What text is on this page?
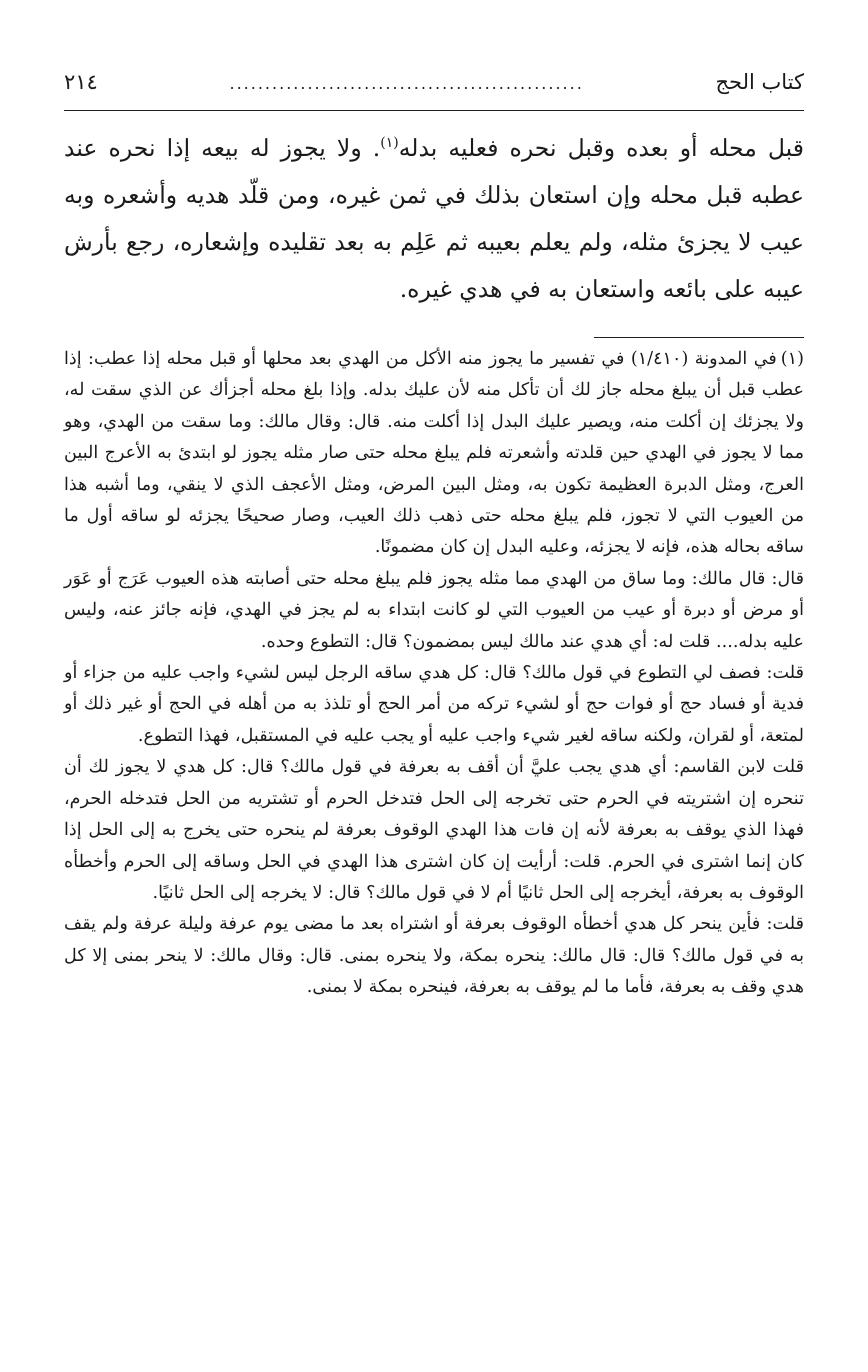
كتاب الحج
..................................................
٢١٤
قبل محله أو بعده وقبل نحره فعليه بدله$^{(١)}$. ولا يجوز له بيعه إذا نحره عند عطبه قبل محله وإن استعان بذلك في ثمن غيره، ومن قلّد هديه وأشعره وبه عيب لا يجزئ مثله، ولم يعلم بعيبه ثم عَلِم به بعد تقليده وإشعاره، رجع بأرش عيبه على بائعه واستعان به في هدي غيره.

(١)في المدونة (١/٤١٠) في تفسير ما يجوز منه الأكل من الهدي بعد محلها أو قبل محله إذا عطب: إذا عطب قبل أن يبلغ محله جاز لك أن تأكل منه لأن عليك بدله. وإذا بلغ محله أجزأك عن الذي سقت له، ولا يجزئك إن أكلت منه، ويصير عليك البدل إذا أكلت منه. قال: وقال مالك: وما سقت من الهدي، وهو مما لا يجوز في الهدي حين قلدته وأشعرته فلم يبلغ محله حتى صار مثله يجوز لو ابتدئ به الأعرج البين العرج، ومثل الدبرة العظيمة تكون به، ومثل البين المرض، ومثل الأعجف الذي لا ينقي، وما أشبه هذا من العيوب التي لا تجوز، فلم يبلغ محله حتى ذهب ذلك العيب، وصار صحيحًا يجزئه لو ساقه أول ما ساقه بحاله هذه، فإنه لا يجزئه، وعليه البدل إن كان مضمونًا.

قال: قال مالك: وما ساق من الهدي مما مثله يجوز فلم يبلغ محله حتى أصابته هذه العيوب عَرَج أو عَوَر أو مرض أو دبرة أو عيب من العيوب التي لو كانت ابتداء به لم يجز في الهدي، فإنه جائز عنه، وليس عليه بدله.... قلت له: أي هدي عند مالك ليس بمضمون؟ قال: التطوع وحده.

قلت: فصف لي التطوع في قول مالك؟ قال: كل هدي ساقه الرجل ليس لشيء واجب عليه من جزاء أو فدية أو فساد حج أو فوات حج أو لشيء تركه من أمر الحج أو تلذذ به من أهله في الحج أو غير ذلك أو لمتعة، أو لقران، ولكنه ساقه لغير شيء واجب عليه أو يجب عليه في المستقبل، فهذا التطوع.

قلت لابن القاسم: أي هدي يجب عليَّ أن أقف به بعرفة في قول مالك؟ قال: كل هدي لا يجوز لك أن تنحره إن اشتريته في الحرم حتى تخرجه إلى الحل فتدخل الحرم أو تشتريه من الحل فتدخله الحرم، فهذا الذي يوقف به بعرفة لأنه إن فات هذا الهدي الوقوف بعرفة لم ينحره حتى يخرج به إلى الحل إذا كان إنما اشترى في الحرم. قلت: أرأيت إن كان اشترى هذا الهدي في الحل وساقه إلى الحرم وأخطأه الوقوف به بعرفة، أيخرجه إلى الحل ثانيًا أم لا في قول مالك؟ قال: لا يخرجه إلى الحل ثانيًا.

قلت: فأين ينحر كل هدي أخطأه الوقوف بعرفة أو اشتراه بعد ما مضى يوم عرفة وليلة عرفة ولم يقف به في قول مالك؟ قال: قال مالك: ينحره بمكة، ولا ينحره بمنى. قال: وقال مالك: لا ينحر بمنى إلا كل هدي وقف به بعرفة، فأما ما لم يوقف به بعرفة، فينحره بمكة لا بمنى.
